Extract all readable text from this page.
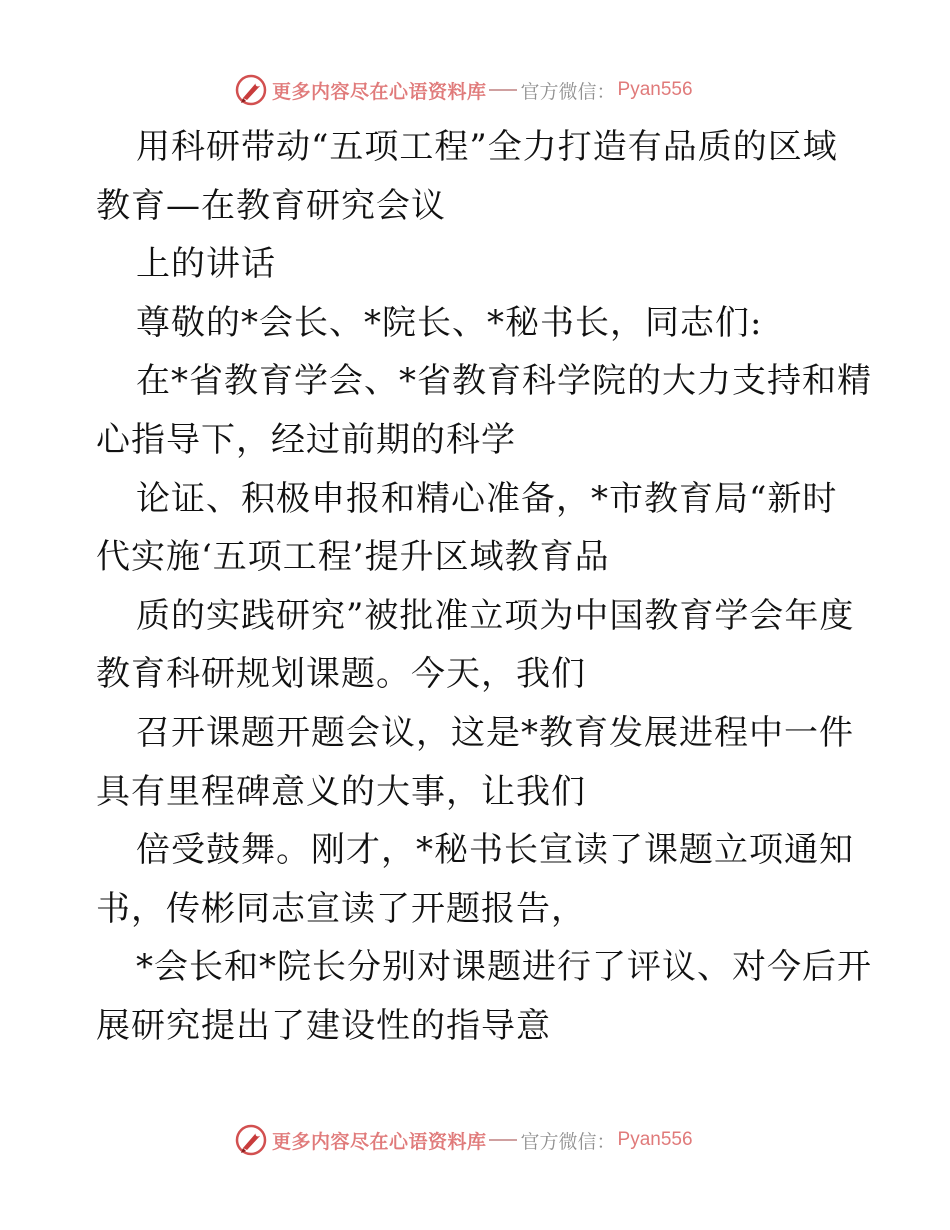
更多内容尽在心语资料库 官方微信： Pyan556

用科研带动“五项工程”全力打造有品质的区域

教育—在教育研究会议

上的讲话

尊敬的*会长、*院长、*秘书长，同志们:

在*省教育学会、*省教育科学院的大力支持和精

心指导下，经过前期的科学

论证、积极申报和精心准备，*市教育局“新时

代实施‘五项工程’提升区域教育品

质的实践研究”被批准立项为中国教育学会年度

教育科研规划课题。今天，我们

召开课题开题会议，这是*教育发展进程中一件

具有里程碑意义的大事，让我们

倍受鼓舞。刚才，*秘书长宣读了课题立项通知

书，传彬同志宣读了开题报告，

*会长和*院长分别对课题进行了评议、对今后开

展研究提出了建设性的指导意

更多内容尽在心语资料库 官方微信： Pyan556
